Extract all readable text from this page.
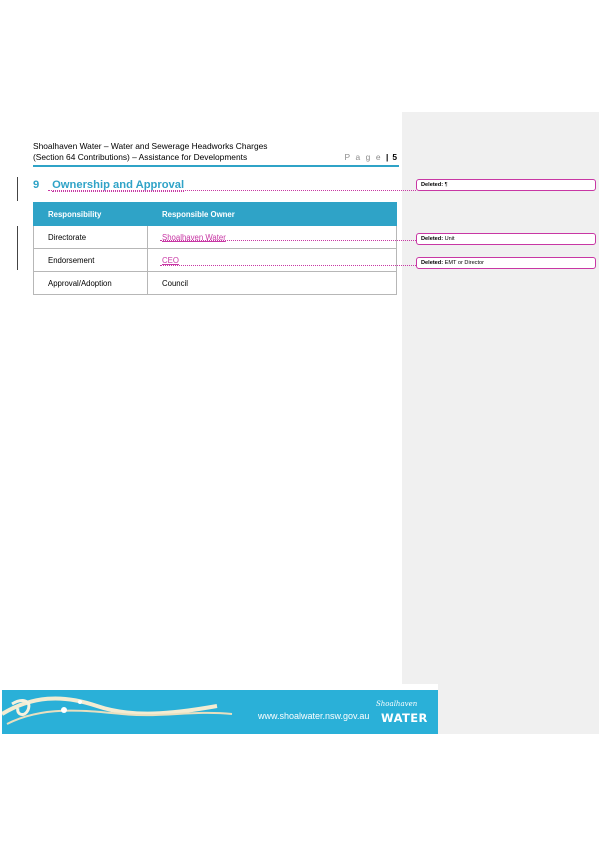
Shoalhaven Water – Water and Sewerage Headworks Charges
(Section 64 Contributions) – Assistance for Developments	P a g e | 5
9 Ownership and Approval
Responsibility	Responsible Owner
Directorate	Shoalhaven Water
Endorsement	CEO
Approval/Adoption	Council
Deleted: ¶
Deleted: Unit
Deleted: EMT or Director
www.shoalwater.nsw.gov.au
Shoalhaven
WATER
